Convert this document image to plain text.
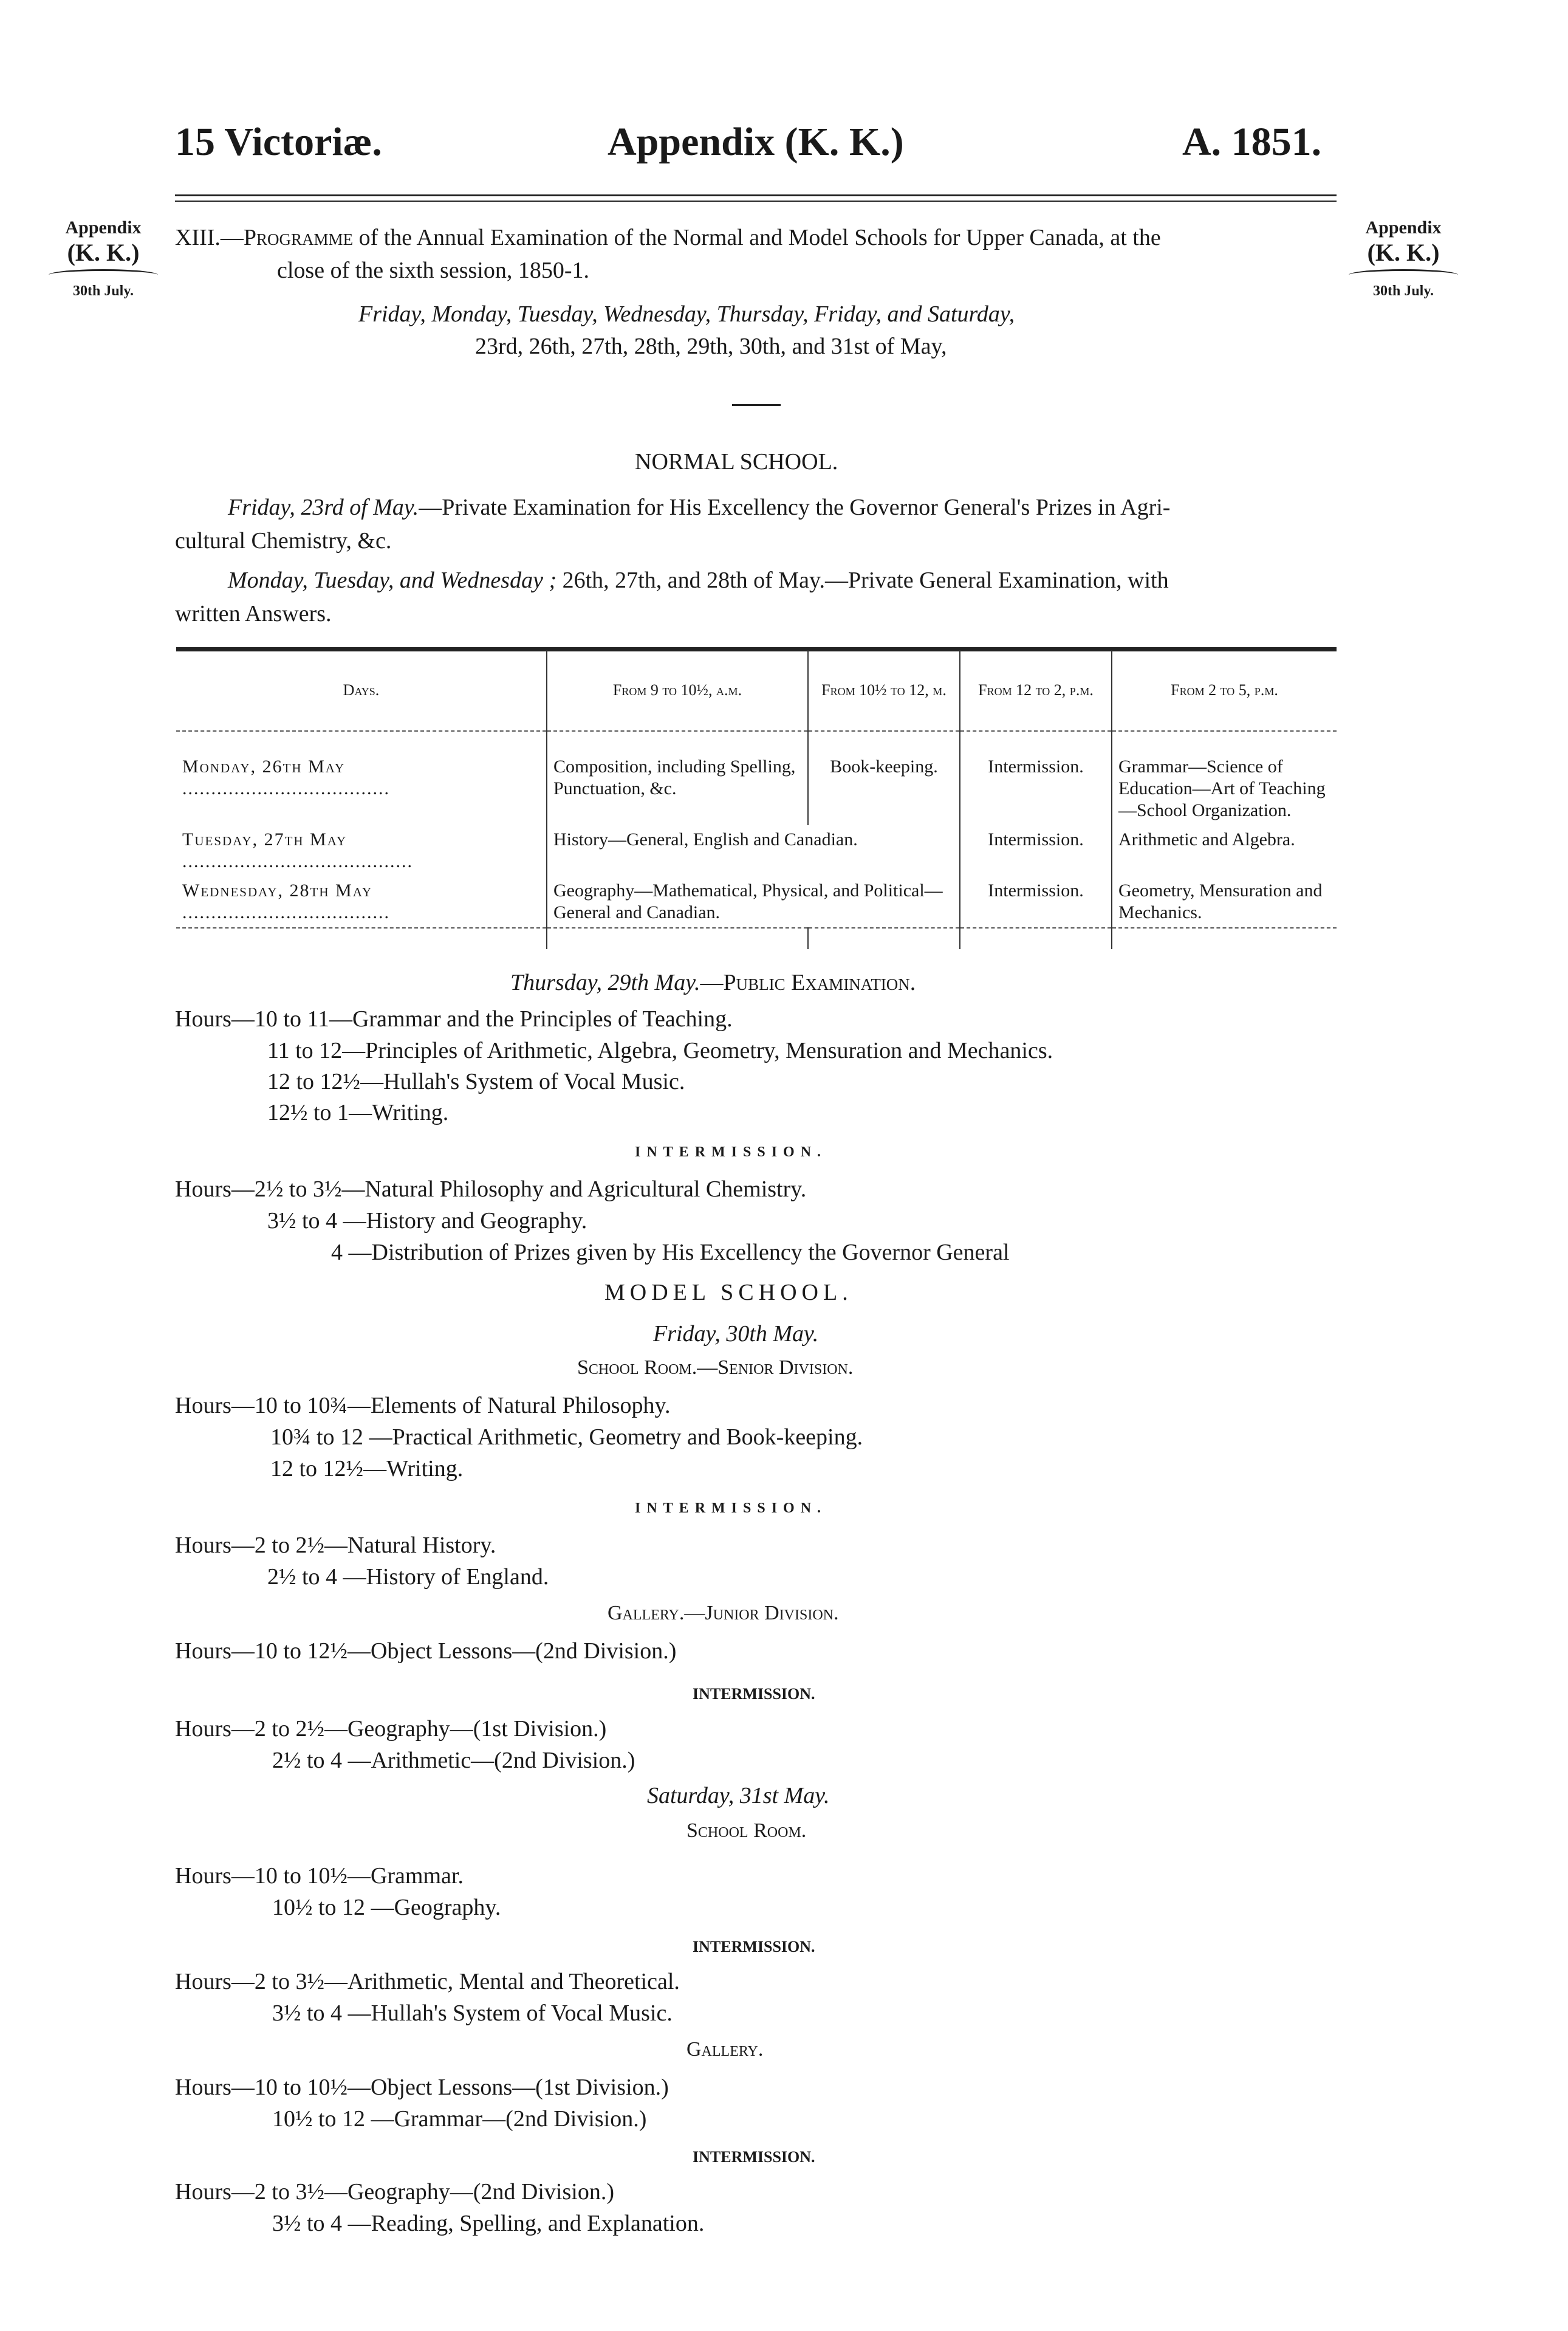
15 Victoriæ.	Appendix (K. K.)	A. 1851.
Appendix
(K. K.)
30th July.
Appendix
(K. K.)
30th July.
XIII.—Programme of the Annual Examination of the Normal and Model Schools for Upper Canada, at the
close of the sixth session, 1850-1.
Friday, Monday, Tuesday, Wednesday, Thursday, Friday, and Saturday,
23rd, 26th, 27th, 28th, 29th, 30th, and 31st of May,
NORMAL SCHOOL.
Friday, 23rd of May.—Private Examination for His Excellency the Governor General's Prizes in Agri-
cultural Chemistry, &c.
Monday, Tuesday, and Wednesday ; 26th, 27th, and 28th of May.—Private General Examination, with
written Answers.
Days.	From 9 to 10½, a.m.	From 10½ to 12, m.	From 12 to 2, p.m.	From 2 to 5, p.m.

Monday, 26th May ....................................	Composition, including Spelling, Punctuation, &c.	Book-keeping.	Intermission.	Grammar—Science of Education—Art of Teaching—School Organization.
Tuesday, 27th May ........................................	History—General, English and Canadian.		Intermission.	Arithmetic and Algebra.
Wednesday, 28th May ....................................	Geography—Mathematical, Physical, and Political—General and Canadian.		Intermission.	Geometry, Mensuration and Mechanics.

Thursday, 29th May.—Public Examination.
Hours—10 to 11—Grammar and the Principles of Teaching.
11 to 12—Principles of Arithmetic, Algebra, Geometry, Mensuration and Mechanics.
12 to 12½—Hullah's System of Vocal Music.
12½ to 1—Writing.
INTERMISSION.
Hours—2½ to 3½—Natural Philosophy and Agricultural Chemistry.
3½ to 4 —History and Geography.
4 —Distribution of Prizes given by His Excellency the Governor General
MODEL SCHOOL.
Friday, 30th May.
School Room.—Senior Division.
Hours—10 to 10¾—Elements of Natural Philosophy.
10¾ to 12 —Practical Arithmetic, Geometry and Book-keeping.
12 to 12½—Writing.
INTERMISSION.
Hours—2 to 2½—Natural History.
2½ to 4 —History of England.
Gallery.—Junior Division.
Hours—10 to 12½—Object Lessons—(2nd Division.)
INTERMISSION.
Hours—2 to 2½—Geography—(1st Division.)
2½ to 4 —Arithmetic—(2nd Division.)
Saturday, 31st May.
School Room.
Hours—10 to 10½—Grammar.
10½ to 12 —Geography.
INTERMISSION.
Hours—2 to 3½—Arithmetic, Mental and Theoretical.
3½ to 4 —Hullah's System of Vocal Music.
Gallery.
Hours—10 to 10½—Object Lessons—(1st Division.)
10½ to 12 —Grammar—(2nd Division.)
INTERMISSION.
Hours—2 to 3½—Geography—(2nd Division.)
3½ to 4 —Reading, Spelling, and Explanation.
